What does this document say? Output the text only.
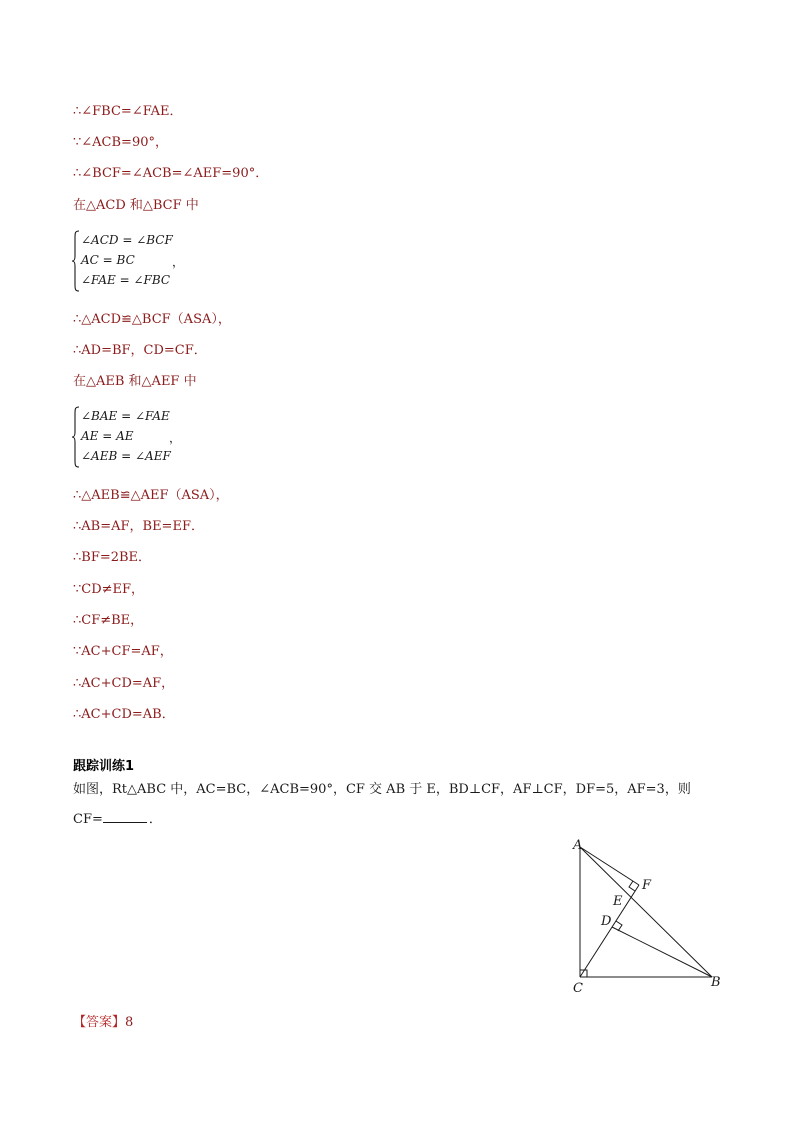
∴∠FBC=∠FAE．
∵∠ACB=90°，
∴∠BCF=∠ACB=∠AEF=90°．
在△ACD 和△BCF 中
∠ACD = ∠BCF
AC = BC
∠FAE = ∠FBC
，
∴△ACD≌△BCF（ASA），
∴AD=BF，CD=CF．
在△AEB 和△AEF 中
∠BAE = ∠FAE
AE = AE
∠AEB = ∠AEF
，
∴△AEB≌△AEF（ASA），
∴AB=AF，BE=EF．
∴BF=2BE．
∵CD≠EF，
∴CF≠BE，
∵AC+CF=AF，
∴AC+CD=AF，
∴AC+CD=AB．
跟踪训练1
如图，Rt△ABC 中，AC=BC，∠ACB=90°，CF 交 AB 于 E，BD⊥CF，AF⊥CF，DF=5，AF=3，则
CF=	．
A
F
E
D
C	B
【答案】8
